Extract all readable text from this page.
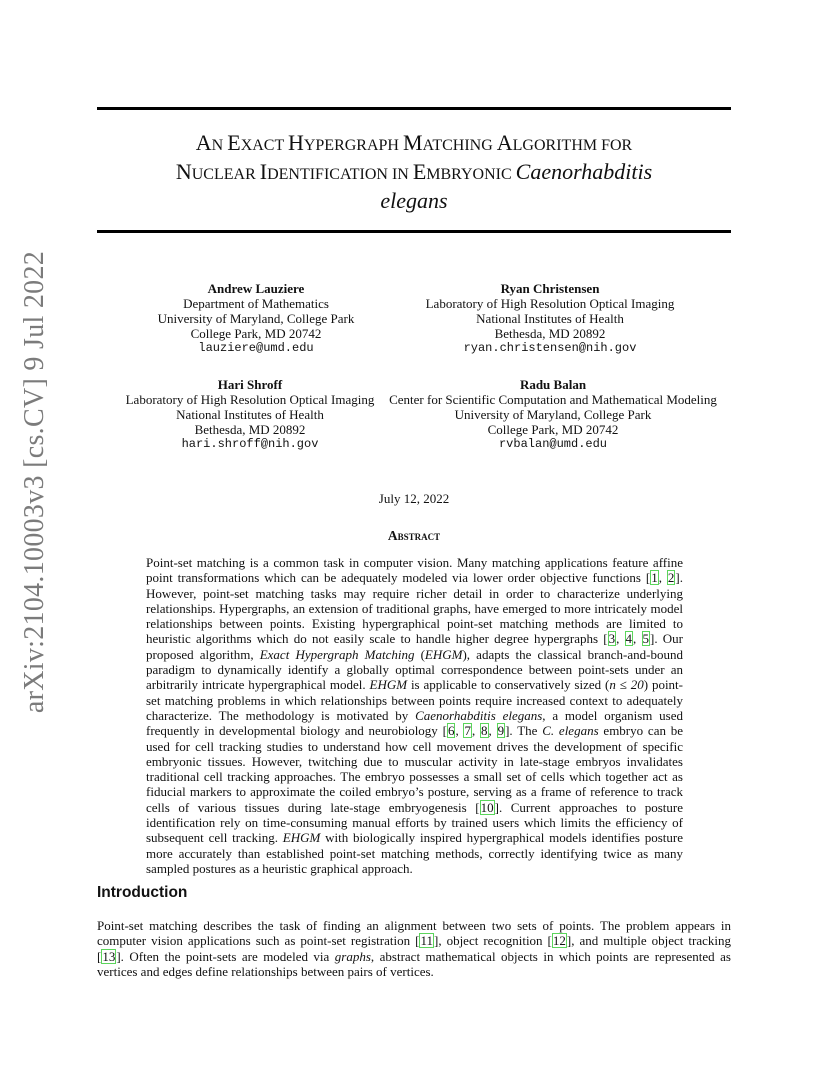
arXiv:2104.10003v3 [cs.CV] 9 Jul 2022
AN EXACT HYPERGRAPH MATCHING ALGORITHM FOR
NUCLEAR IDENTIFICATION IN EMBRYONIC Caenorhabditis
elegans
Andrew Lauziere
Department of Mathematics
University of Maryland, College Park
College Park, MD 20742
lauziere@umd.edu
Ryan Christensen
Laboratory of High Resolution Optical Imaging
National Institutes of Health
Bethesda, MD 20892
ryan.christensen@nih.gov
Hari Shroff
Laboratory of High Resolution Optical Imaging
National Institutes of Health
Bethesda, MD 20892
hari.shroff@nih.gov
Radu Balan
Center for Scientific Computation and Mathematical Modeling
University of Maryland, College Park
College Park, MD 20742
rvbalan@umd.edu
July 12, 2022
Abstract
Point-set matching is a common task in computer vision. Many matching applications feature affine point transformations which can be adequately modeled via lower order objective functions [1, 2]. However, point-set matching tasks may require richer detail in order to characterize underlying relationships. Hypergraphs, an extension of traditional graphs, have emerged to more intricately model relationships between points. Existing hypergraphical point-set matching methods are limited to heuristic algorithms which do not easily scale to handle higher degree hypergraphs [3, 4, 5]. Our proposed algorithm, Exact Hypergraph Matching (EHGM), adapts the classical branch-and-bound paradigm to dynamically identify a globally optimal correspondence between point-sets under an arbitrarily intricate hypergraphical model. EHGM is applicable to conservatively sized (n ≤ 20) point-set matching problems in which relationships between points require increased context to adequately characterize. The methodology is motivated by Caenorhabditis elegans, a model organism used frequently in developmental biology and neurobiology [6, 7, 8, 9]. The C. elegans embryo can be used for cell tracking studies to understand how cell movement drives the development of specific embryonic tissues. However, twitching due to muscular activity in late-stage embryos invalidates traditional cell tracking approaches. The embryo possesses a small set of cells which together act as fiducial markers to approximate the coiled embryo’s posture, serving as a frame of reference to track cells of various tissues during late-stage embryogenesis [10]. Current approaches to posture identification rely on time-consuming manual efforts by trained users which limits the efficiency of subsequent cell tracking. EHGM with biologically inspired hypergraphical models identifies posture more accurately than established point-set matching methods, correctly identifying twice as many sampled postures as a heuristic graphical approach.
Introduction
Point-set matching describes the task of finding an alignment between two sets of points. The problem appears in computer vision applications such as point-set registration [11], object recognition [12], and multiple object tracking [13]. Often the point-sets are modeled via graphs, abstract mathematical objects in which points are represented as vertices and edges define relationships between pairs of vertices.
